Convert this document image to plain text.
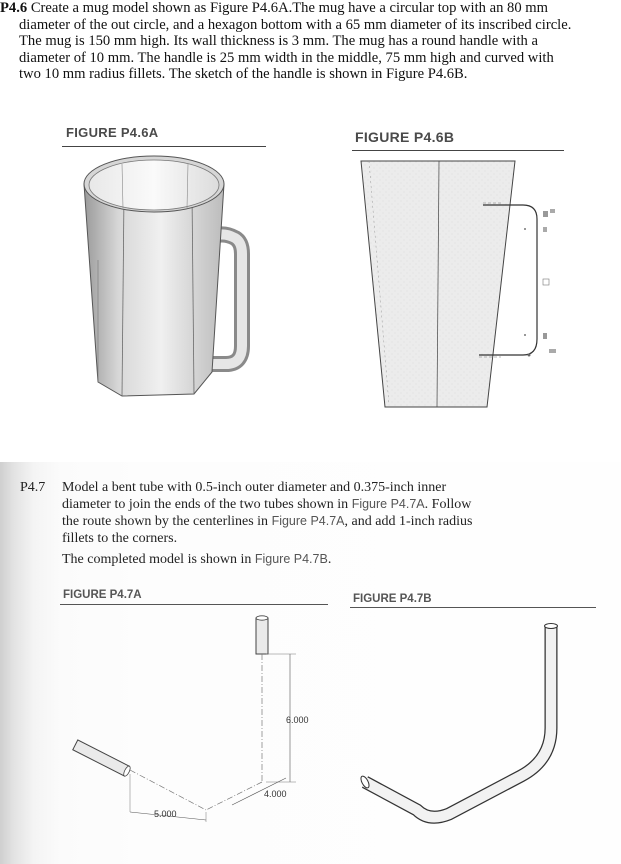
P4.6 Create a mug model shown as Figure P4.6A.The mug have a circular top with an 80 mm
diameter of the out circle, and a hexagon bottom with a 65 mm diameter of its inscribed circle.
The mug is 150 mm high. Its wall thickness is 3 mm. The mug has a round handle with a
diameter of 10 mm. The handle is 25 mm width in the middle, 75 mm high and curved with
two 10 mm radius fillets. The sketch of the handle is shown in Figure P4.6B.
FIGURE P4.6A	FIGURE P4.6B
P4.7 Model a bent tube with 0.5-inch outer diameter and 0.375-inch inner
diameter to join the ends of the two tubes shown in Figure P4.7A. Follow
the route shown by the centerlines in Figure P4.7A, and add 1-inch radius
fillets to the corners.
The completed model is shown in Figure P4.7B.
FIGURE P4.7A	FIGURE P4.7B
6.000
4.000
5.000
